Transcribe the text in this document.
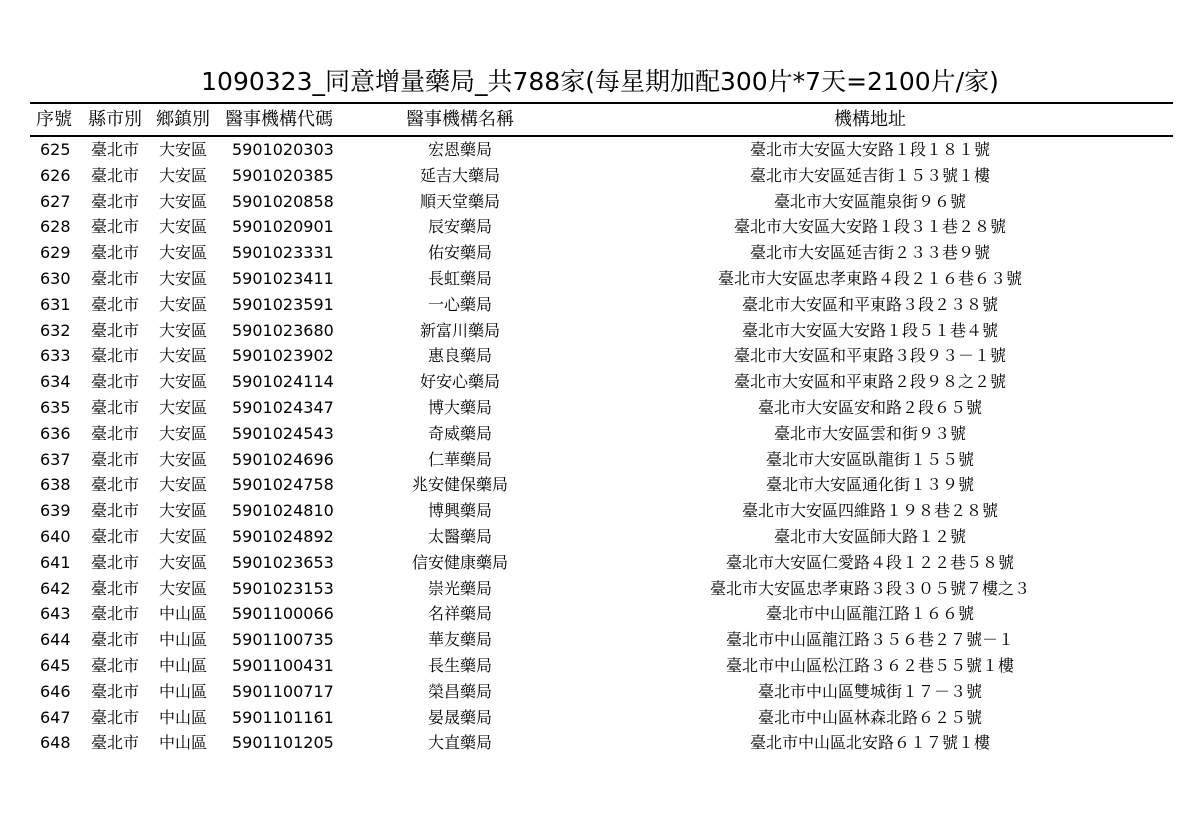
1090323_同意增量藥局_共788家(每星期加配300片*7天=2100片/家)
序號 縣市別 鄉鎮別 醫事機構代碼	醫事機構名稱	機構地址
625 臺北市 大安區 5901020303	宏恩藥局	臺北市大安區大安路１段１８１號
626 臺北市 大安區 5901020385	延吉大藥局	臺北市大安區延吉街１５３號１樓
627 臺北市 大安區 5901020858	順天堂藥局	臺北市大安區龍泉街９６號
628 臺北市 大安區 5901020901	辰安藥局	臺北市大安區大安路１段３１巷２８號
629 臺北市 大安區 5901023331	佑安藥局	臺北市大安區延吉街２３３巷９號
630 臺北市 大安區 5901023411	長虹藥局	臺北市大安區忠孝東路４段２１６巷６３號
631 臺北市 大安區 5901023591	一心藥局	臺北市大安區和平東路３段２３８號
632 臺北市 大安區 5901023680	新富川藥局	臺北市大安區大安路１段５１巷４號
633 臺北市 大安區 5901023902	惠良藥局	臺北市大安區和平東路３段９３－１號
634 臺北市 大安區 5901024114	好安心藥局	臺北市大安區和平東路２段９８之２號
635 臺北市 大安區 5901024347	博大藥局	臺北市大安區安和路２段６５號
636 臺北市 大安區 5901024543	奇威藥局	臺北市大安區雲和街９３號
637 臺北市 大安區 5901024696	仁華藥局	臺北市大安區臥龍街１５５號
638 臺北市 大安區 5901024758	兆安健保藥局	臺北市大安區通化街１３９號
639 臺北市 大安區 5901024810	博興藥局	臺北市大安區四維路１９８巷２８號
640 臺北市 大安區 5901024892	太醫藥局	臺北市大安區師大路１２號
641 臺北市 大安區 5901023653	信安健康藥局	臺北市大安區仁愛路４段１２２巷５８號
642 臺北市 大安區 5901023153	崇光藥局	臺北市大安區忠孝東路３段３０５號７樓之３
643 臺北市 中山區 5901100066	名祥藥局	臺北市中山區龍江路１６６號
644 臺北市 中山區 5901100735	華友藥局	臺北市中山區龍江路３５６巷２７號－１
645 臺北市 中山區 5901100431	長生藥局	臺北市中山區松江路３６２巷５５號１樓
646 臺北市 中山區 5901100717	榮昌藥局	臺北市中山區雙城街１７－３號
647 臺北市 中山區 5901101161	晏晟藥局	臺北市中山區林森北路６２５號
648 臺北市 中山區 5901101205	大直藥局	臺北市中山區北安路６１７號１樓
